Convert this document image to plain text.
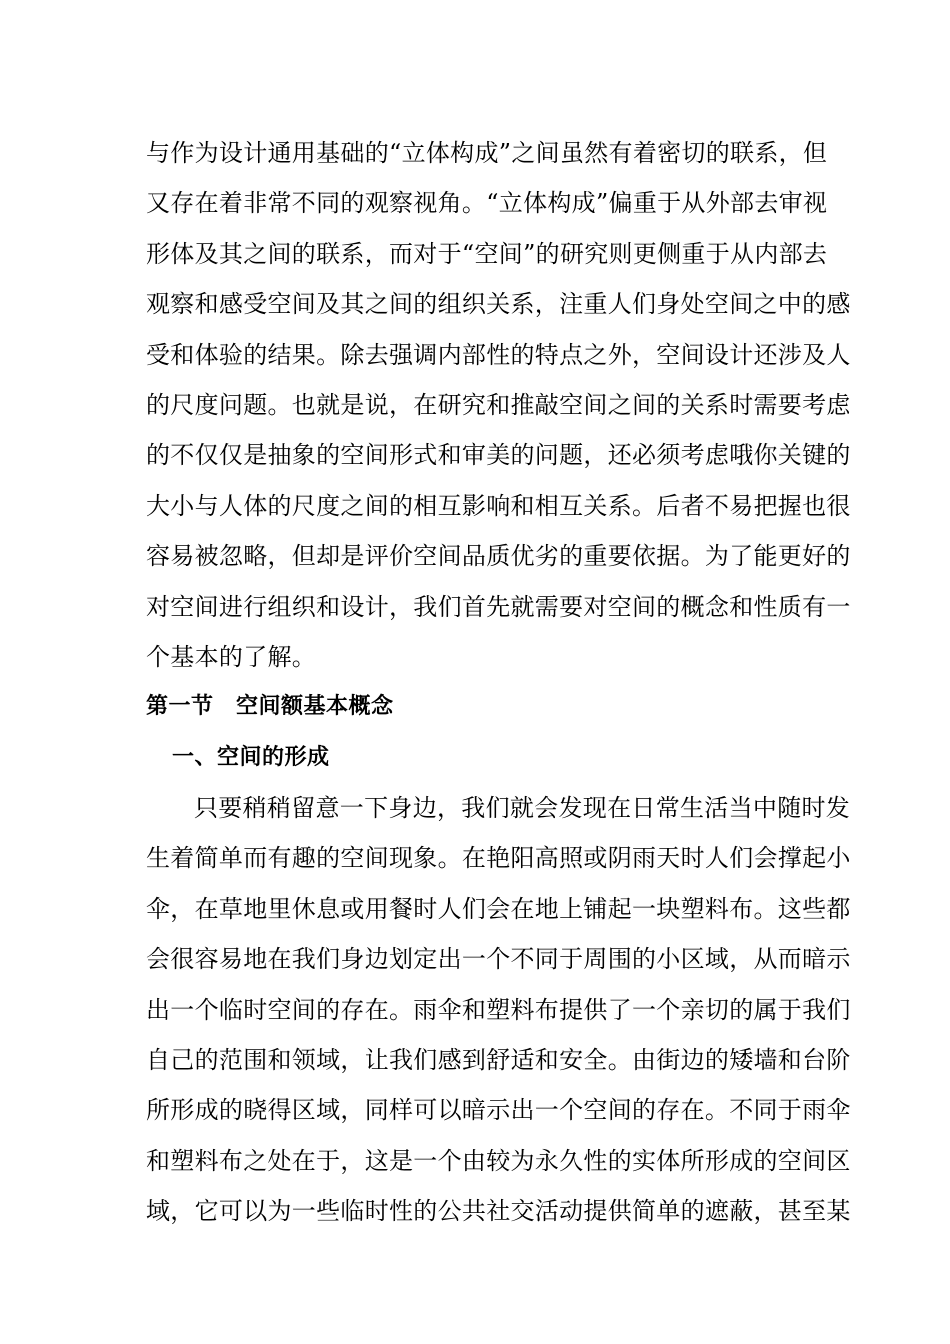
与作为设计通用基础的“立体构成”之间虽然有着密切的联系，但
又存在着非常不同的观察视角。“立体构成”偏重于从外部去审视
形体及其之间的联系，而对于“空间”的研究则更侧重于从内部去
观察和感受空间及其之间的组织关系，注重人们身处空间之中的感
受和体验的结果。除去强调内部性的特点之外，空间设计还涉及人
的尺度问题。也就是说，在研究和推敲空间之间的关系时需要考虑
的不仅仅是抽象的空间形式和审美的问题，还必须考虑哦你关键的
大小与人体的尺度之间的相互影响和相互关系。后者不易把握也很
容易被忽略，但却是评价空间品质优劣的重要依据。为了能更好的
对空间进行组织和设计，我们首先就需要对空间的概念和性质有一
个基本的了解。
第一节　空间额基本概念
一、空间的形成
只要稍稍留意一下身边，我们就会发现在日常生活当中随时发
生着简单而有趣的空间现象。在艳阳高照或阴雨天时人们会撑起小
伞，在草地里休息或用餐时人们会在地上铺起一块塑料布。这些都
会很容易地在我们身边划定出一个不同于周围的小区域，从而暗示
出一个临时空间的存在。雨伞和塑料布提供了一个亲切的属于我们
自己的范围和领域，让我们感到舒适和安全。由街边的矮墙和台阶
所形成的晓得区域，同样可以暗示出一个空间的存在。不同于雨伞
和塑料布之处在于，这是一个由较为永久性的实体所形成的空间区
域，它可以为一些临时性的公共社交活动提供简单的遮蔽，甚至某
